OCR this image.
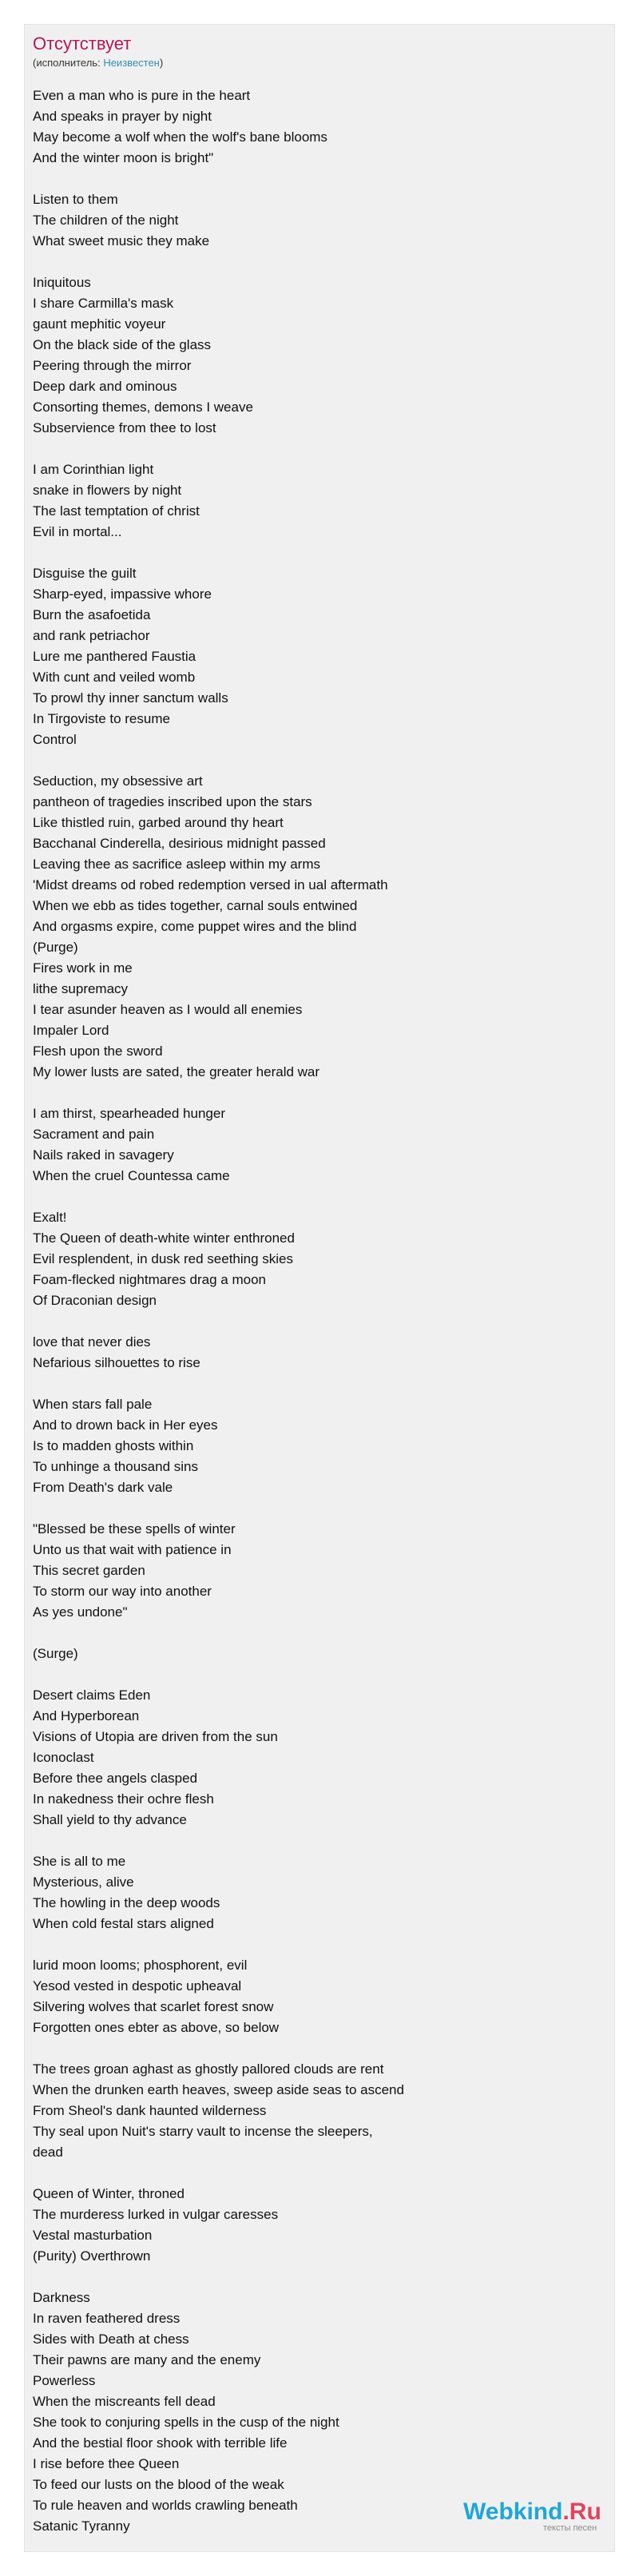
Отсутствует
(исполнитель: Неизвестен)
Even a man who is pure in the heart
And speaks in prayer by night
May become a wolf when the wolf's bane blooms
And the winter moon is bright"
Listen to them
The children of the night
What sweet music they make
Iniquitous
I share Carmilla's mask
gaunt mephitic voyeur
On the black side of the glass
Peering through the mirror
Deep dark and ominous
Consorting themes, demons I weave
Subservience from thee to lost
I am Corinthian light
snake in flowers by night
The last temptation of christ
Evil in mortal...
Disguise the guilt
Sharp-eyed, impassive whore
Burn the asafoetida
and rank petriachor
Lure me panthered Faustia
With cunt and veiled womb
To prowl thy inner sanctum walls
In Tirgoviste to resume
Control
Seduction, my obsessive art
pantheon of tragedies inscribed upon the stars
Like thistled ruin, garbed around thy heart
Bacchanal Cinderella, desirious midnight passed
Leaving thee as sacrifice asleep within my arms
'Midst dreams od robed redemption versed in ual aftermath
When we ebb as tides together, carnal souls entwined
And orgasms expire, come puppet wires and the blind
(Purge)
Fires work in me
lithe supremacy
I tear asunder heaven as I would all enemies
Impaler Lord
Flesh upon the sword
My lower lusts are sated, the greater herald war
I am thirst, spearheaded hunger
Sacrament and pain
Nails raked in savagery
When the cruel Countessa came
Exalt!
The Queen of death-white winter enthroned
Evil resplendent, in dusk red seething skies
Foam-flecked nightmares drag a moon
Of Draconian design
love that never dies
Nefarious silhouettes to rise
When stars fall pale
And to drown back in Her eyes
Is to madden ghosts within
To unhinge a thousand sins
From Death's dark vale
"Blessed be these spells of winter
Unto us that wait with patience in
This secret garden
To storm our way into another
As yes undone"
(Surge)
Desert claims Eden
And Hyperborean
Visions of Utopia are driven from the sun
Iconoclast
Before thee angels clasped
In nakedness their ochre flesh
Shall yield to thy advance
She is all to me
Mysterious, alive
The howling in the deep woods
When cold festal stars aligned
lurid moon looms; phosphorent, evil
Yesod vested in despotic upheaval
Silvering wolves that scarlet forest snow
Forgotten ones ebter as above, so below
The trees groan aghast as ghostly pallored clouds are rent
When the drunken earth heaves, sweep aside seas to ascend
From Sheol's dank haunted wilderness
Thy seal upon Nuit's starry vault to incense the sleepers,
dead
Queen of Winter, throned
The murderess lurked in vulgar caresses
Vestal masturbation
(Purity) Overthrown
Darkness
In raven feathered dress
Sides with Death at chess
Their pawns are many and the enemy
Powerless
When the miscreants fell dead
She took to conjuring spells in the cusp of the night
And the bestial floor shook with terrible life
I rise before thee Queen
To feed our lusts on the blood of the weak
To rule heaven and worlds crawling beneath
Satanic Tyranny
Webkind.Ru
тексты песен
